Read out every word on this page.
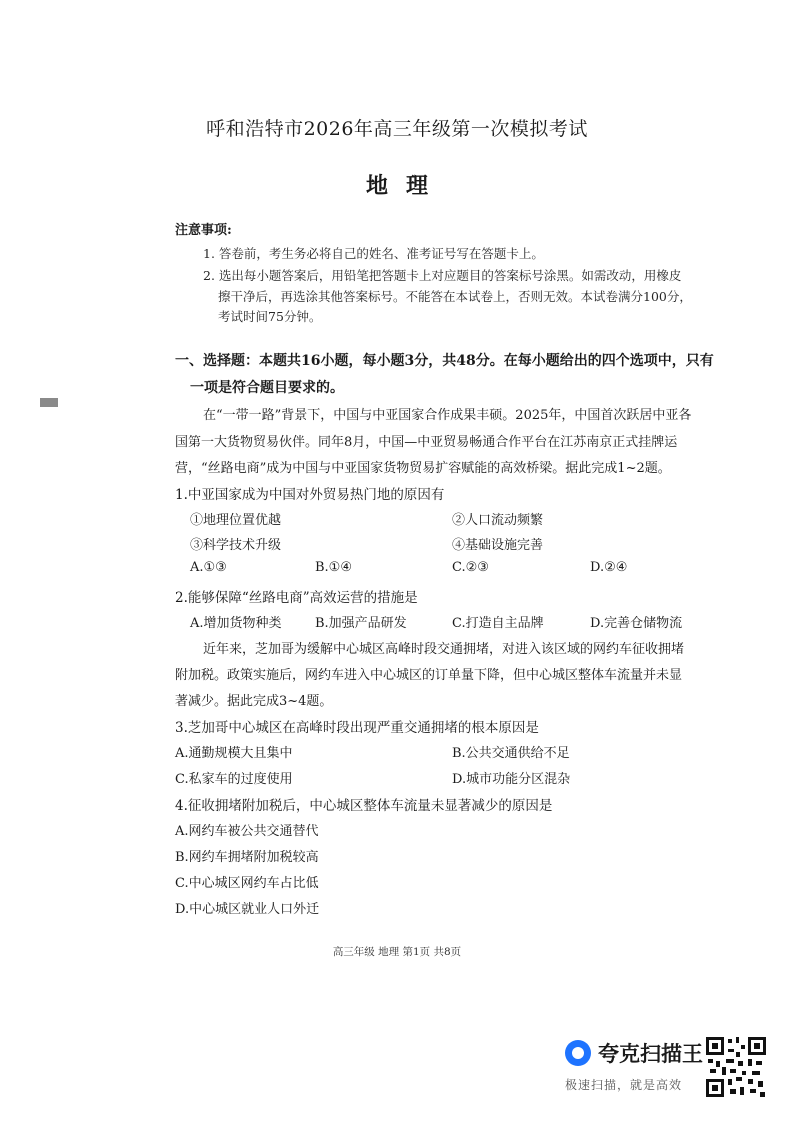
呼和浩特市2026年高三年级第一次模拟考试
地理
注意事项:
1. 答卷前，考生务必将自己的姓名、准考证号写在答题卡上。
2. 选出每小题答案后，用铅笔把答题卡上对应题目的答案标号涂黑。如需改动，用橡皮
擦干净后，再选涂其他答案标号。不能答在本试卷上，否则无效。本试卷满分100分，
考试时间75分钟。
一、选择题：本题共16小题，每小题3分，共48分。在每小题给出的四个选项中，只有
一项是符合题目要求的。
在“一带一路”背景下，中国与中亚国家合作成果丰硕。2025年，中国首次跃居中亚各
国第一大货物贸易伙伴。同年8月，中国—中亚贸易畅通合作平台在江苏南京正式挂牌运
营，“丝路电商”成为中国与中亚国家货物贸易扩容赋能的高效桥梁。据此完成1~2题。
1.中亚国家成为中国对外贸易热门地的原因有
①地理位置优越	②人口流动频繁
③科学技术升级	④基础设施完善
A.①③	B.①④	C.②③	D.②④
2.能够保障“丝路电商”高效运营的措施是
A.增加货物种类	B.加强产品研发	C.打造自主品牌	D.完善仓储物流
近年来，芝加哥为缓解中心城区高峰时段交通拥堵，对进入该区域的网约车征收拥堵
附加税。政策实施后，网约车进入中心城区的订单量下降，但中心城区整体车流量并未显
著减少。据此完成3~4题。
3.芝加哥中心城区在高峰时段出现严重交通拥堵的根本原因是
A.通勤规模大且集中	B.公共交通供给不足
C.私家车的过度使用	D.城市功能分区混杂
4.征收拥堵附加税后，中心城区整体车流量未显著减少的原因是
A.网约车被公共交通替代
B.网约车拥堵附加税较高
C.中心城区网约车占比低
D.中心城区就业人口外迁
高三年级 地理 第1页 共8页
夸克扫描王
极速扫描，就是高效
